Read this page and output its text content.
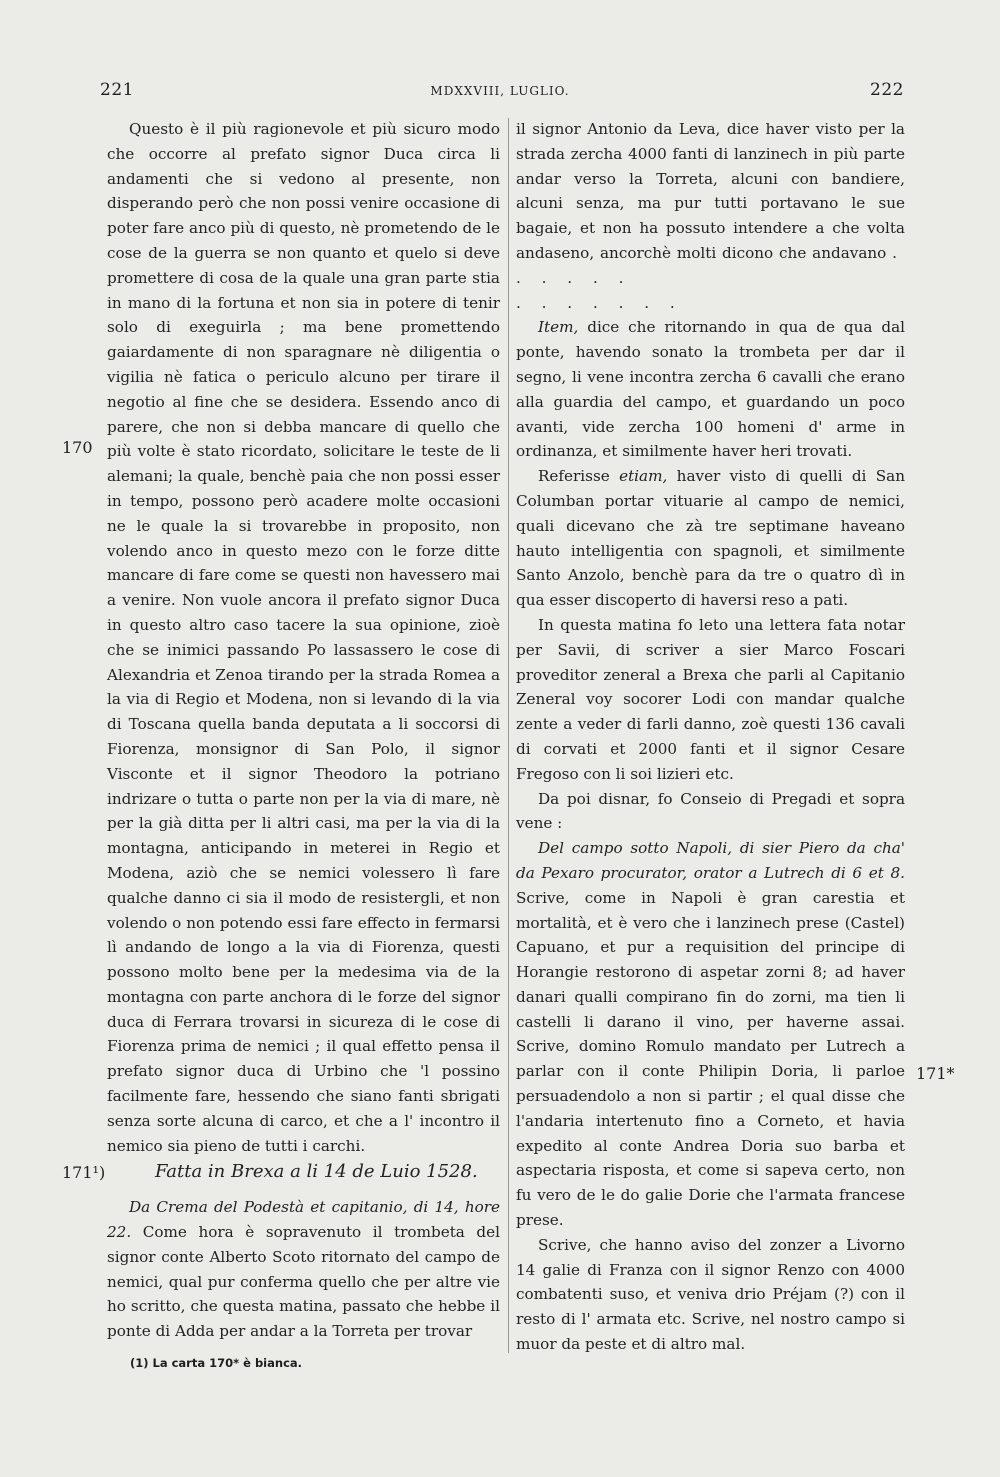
221	MDXXVIII, LUGLIO.	222
170
171¹)
171*

Questo è il più ragionevole et più sicuro modo che occorre al prefato signor Duca circa li andamenti che si vedono al presente, non disperando però che non possi venire occasione di poter fare anco più di questo, nè prometendo de le cose de la guerra se non quanto et quelo si deve promettere di cosa de la quale una gran parte stia in mano di la fortuna et non sia in potere di tenir solo di exeguirla ; ma bene promettendo gaiardamente di non sparagnare nè diligentia o vigilia nè fatica o periculo alcuno per tirare il negotio al fine che se desidera. Essendo anco di parere, che non si debba mancare di quello che più volte è stato ricordato, solicitare le teste de li alemani; la quale, benchè paia che non possi esser in tempo, possono però acadere molte occasioni ne le quale la si trovarebbe in proposito, non volendo anco in questo mezo con le forze ditte mancare di fare come se questi non havessero mai a venire. Non vuole ancora il prefato signor Duca in questo altro caso tacere la sua opinione, zioè che se inimici passando Po lassassero le cose di Alexandria et Zenoa tirando per la strada Romea a la via di Regio et Modena, non si levando di la via di Toscana quella banda deputata a li soccorsi di Fiorenza, monsignor di San Polo, il signor Visconte et il signor Theodoro la potriano indrizare o tutta o parte non per la via di mare, nè per la già ditta per li altri casi, ma per la via di la montagna, anticipando in meterei in Regio et Modena, aziò che se nemici volessero lì fare qualche danno ci sia il modo de resistergli, et non volendo o non potendo essi fare effecto in fermarsi lì andando de longo a la via di Fiorenza, questi possono molto bene per la medesima via de la montagna con parte anchora di le forze del signor duca di Ferrara trovarsi in sicureza di le cose di Fiorenza prima de nemici ; il qual effetto pensa il prefato signor duca di Urbino che 'l possino facilmente fare, hessendo che siano fanti sbrigati senza sorte alcuna di carco, et che a l' incontro il nemico sia pieno de tutti i carchi.

Fatta in Brexa a li 14 de Luio 1528.

Da Crema del Podestà et capitanio, di 14, hore 22. Come hora è sopravenuto il trombeta del signor conte Alberto Scoto ritornato del campo de nemici, qual pur conferma quello che per altre vie ho scritto, che questa matina, passato che hebbe il ponte di Adda per andar a la Torreta per trovar

il signor Antonio da Leva, dice haver visto per la strada zercha 4000 fanti di lanzinech in più parte andar verso la Torreta, alcuni con bandiere, alcuni senza, ma pur tutti portavano le sue bagaie, et non ha possuto intendere a che volta andaseno, ancorchè molti dicono che andavano . . . . . .

. . . . . . .

Item, dice che ritornando in qua de qua dal ponte, havendo sonato la trombeta per dar il segno, li vene incontra zercha 6 cavalli che erano alla guardia del campo, et guardando un poco avanti, vide zercha 100 homeni d' arme in ordinanza, et similmente haver heri trovati.

Referisse etiam, haver visto di quelli di San Columban portar vituarie al campo de nemici, quali dicevano che zà tre septimane haveano hauto intelligentia con spagnoli, et similmente Santo Anzolo, benchè para da tre o quatro dì in qua esser discoperto di haversi reso a pati.

In questa matina fo leto una lettera fata notar per Savii, di scriver a sier Marco Foscari proveditor zeneral a Brexa che parli al Capitanio Zeneral voy socorer Lodi con mandar qualche zente a veder di farli danno, zoè questi 136 cavali di corvati et 2000 fanti et il signor Cesare Fregoso con li soi lizieri etc.

Da poi disnar, fo Conseio di Pregadi et sopra vene :

Del campo sotto Napoli, di sier Piero da cha' da Pexaro procurator, orator a Lutrech di 6 et 8. Scrive, come in Napoli è gran carestia et mortalità, et è vero che i lanzinech prese (Castel) Capuano, et pur a requisition del principe di Horangie restorono di aspetar zorni 8; ad haver danari qualli compirano fin do zorni, ma tien li castelli li darano il vino, per haverne assai. Scrive, domino Romulo mandato per Lutrech a parlar con il conte Philipin Doria, li parloe persuadendolo a non si partir ; el qual disse che l'andaria intertenuto fino a Corneto, et havia expedito al conte Andrea Doria suo barba et aspectaria risposta, et come si sapeva certo, non fu vero de le do galie Dorie che l'armata francese prese.

Scrive, che hanno aviso del zonzer a Livorno 14 galie di Franza con il signor Renzo con 4000 combatenti suso, et veniva drio Préjam (?) con il resto di l' armata etc. Scrive, nel nostro campo si muor da peste et di altro mal.

(1) La carta 170* è bianca.
